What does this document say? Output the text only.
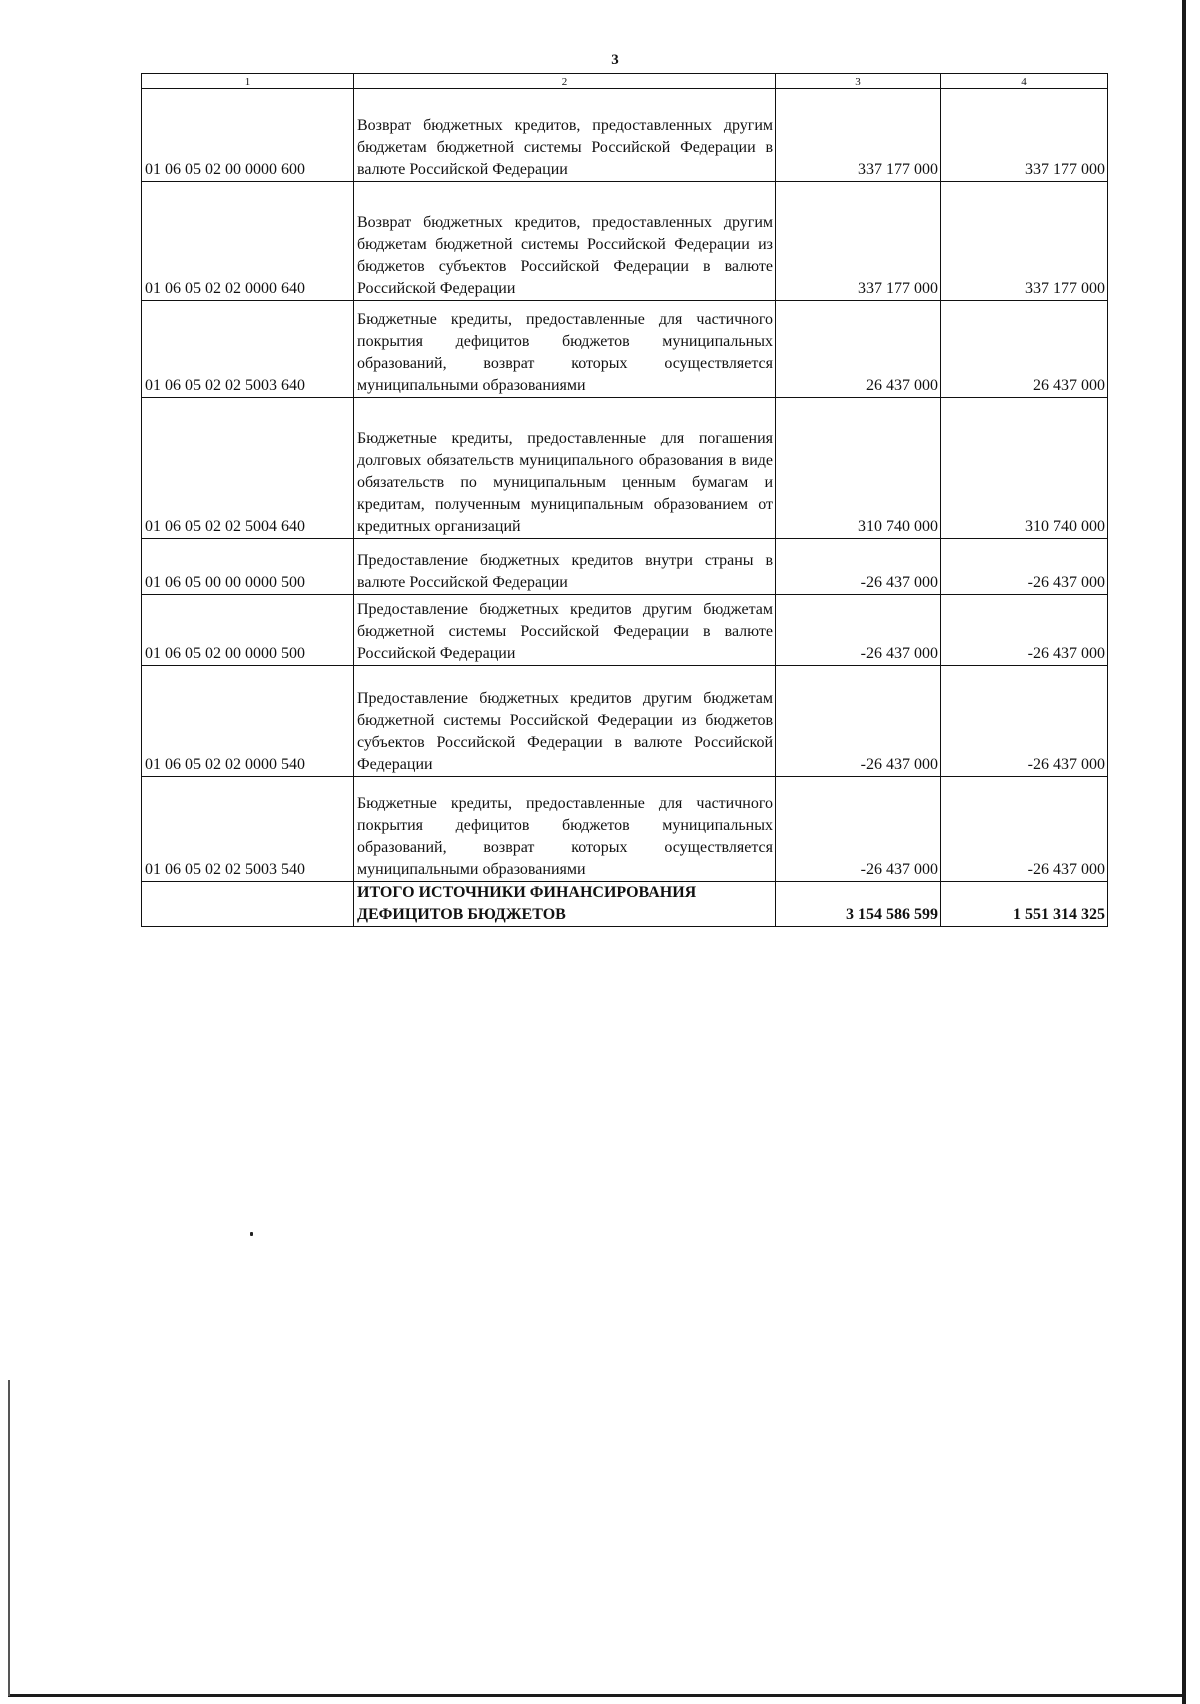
3
1	2	3	4
01 06 05 02 00 0000 600	Возврат бюджетных кредитов, предоставленных другим бюджетам бюджетной системы Российской Федерации в валюте Российской Федерации	337 177 000	337 177 000
01 06 05 02 02 0000 640	Возврат бюджетных кредитов, предоставленных другим бюджетам бюджетной системы Российской Федерации из бюджетов субъектов Российской Федерации в валюте Российской Федерации	337 177 000	337 177 000
01 06 05 02 02 5003 640	Бюджетные кредиты, предоставленные для частичного покрытия дефицитов бюджетов муниципальных образований, возврат которых осуществляется муниципальными образованиями	26 437 000	26 437 000
01 06 05 02 02 5004 640	Бюджетные кредиты, предоставленные для погашения долговых обязательств муниципального образования в виде обязательств по муниципальным ценным бумагам и кредитам, полученным муниципальным образованием от кредитных организаций	310 740 000	310 740 000
01 06 05 00 00 0000 500	Предоставление бюджетных кредитов внутри страны в валюте Российской Федерации	-26 437 000	-26 437 000
01 06 05 02 00 0000 500	Предоставление бюджетных кредитов другим бюджетам бюджетной системы Российской Федерации в валюте Российской Федерации	-26 437 000	-26 437 000
01 06 05 02 02 0000 540	Предоставление бюджетных кредитов другим бюджетам бюджетной системы Российской Федерации из бюджетов субъектов Российской Федерации в валюте Российской Федерации	-26 437 000	-26 437 000
01 06 05 02 02 5003 540	Бюджетные кредиты, предоставленные для частичного покрытия дефицитов бюджетов муниципальных образований, возврат которых осуществляется муниципальными образованиями	-26 437 000	-26 437 000
	ИТОГО ИСТОЧНИКИ ФИНАНСИРОВАНИЯ ДЕФИЦИТОВ БЮДЖЕТОВ	3 154 586 599	1 551 314 325
